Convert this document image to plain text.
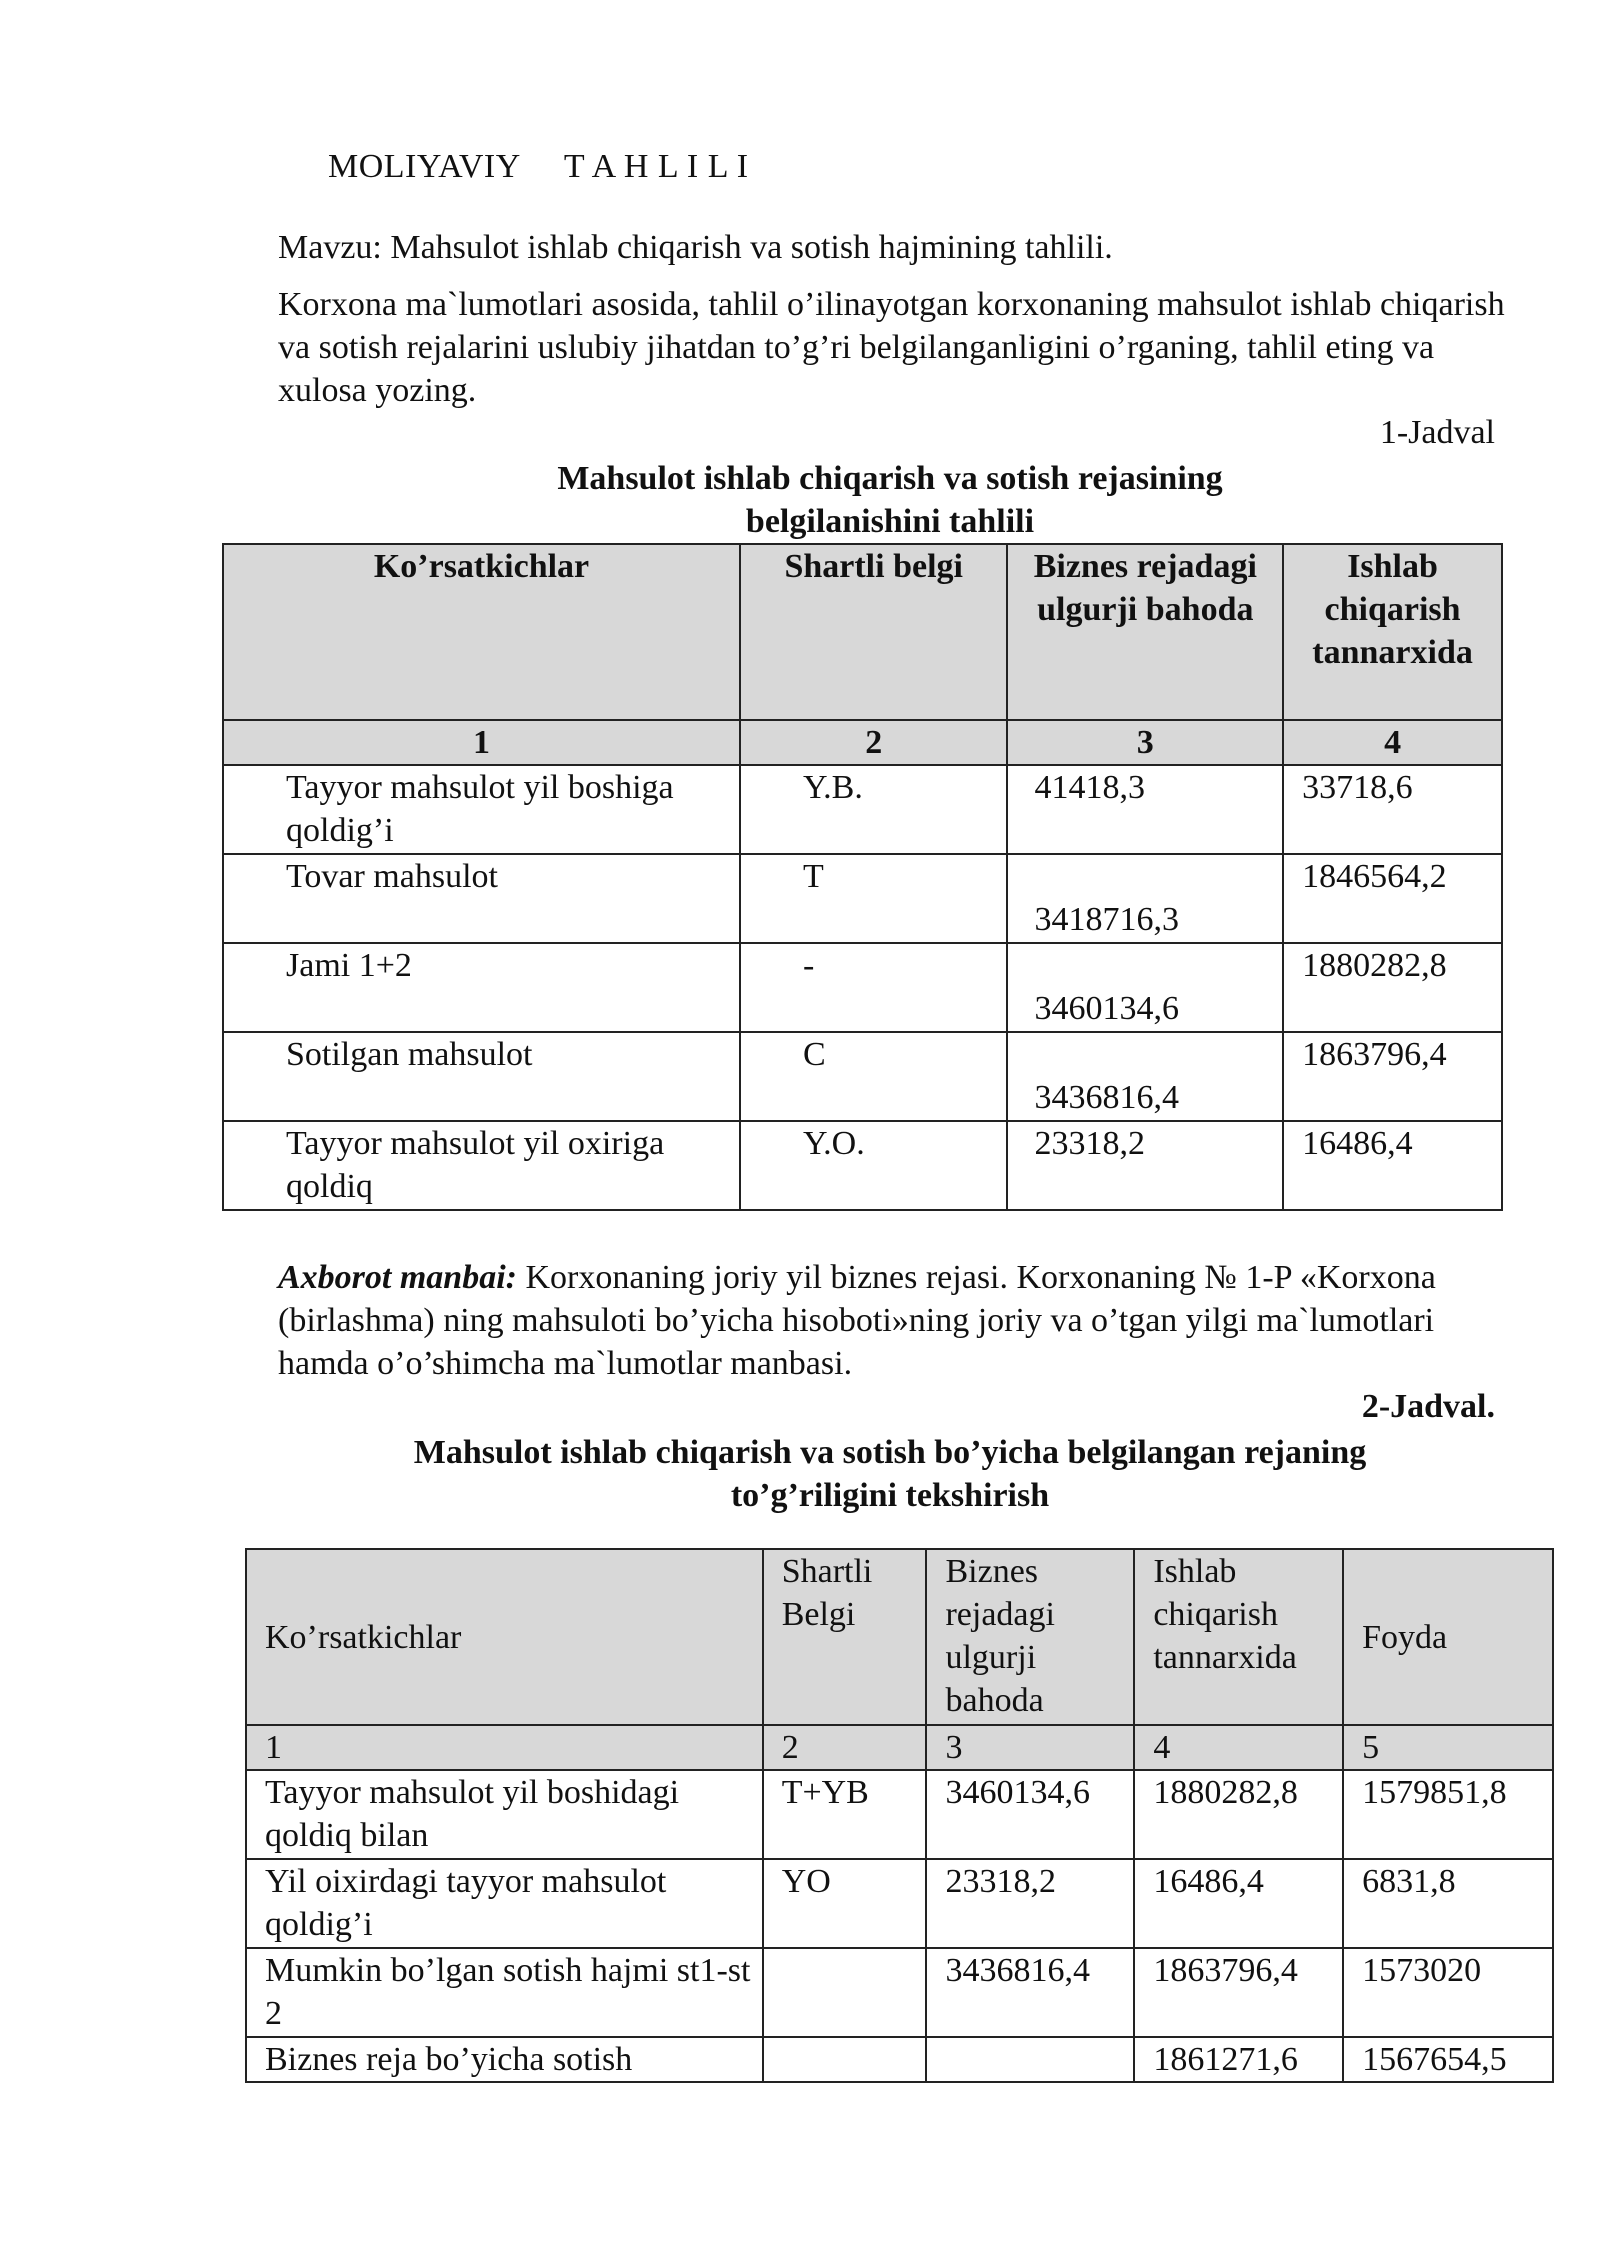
MOLIYAVIY     T A H L I L I
Mavzu: Mahsulot ishlab chiqarish va sotish hajmining tahlili.
Korxona ma`lumotlari asosida, tahlil o’ilinayotgan korxonaning mahsulot ishlab chiqarish va sotish rejalarini uslubiy jihatdan to’g’ri belgilanganligini o’rganing, tahlil eting va xulosa yozing.
1-Jadval
Mahsulot ishlab chiqarish va sotish rejasining
belgilanishini tahlili
Ko’rsatkichlar	Shartli belgi	Biznes rejadagi ulgurji bahoda	Ishlab chiqarish tannarxida
1	2	3	4
Tayyor mahsulot yil boshiga qoldig’i	Y.B.	41418,3	33718,6
Tovar mahsulot	T	3418716,3	1846564,2
Jami 1+2	-	3460134,6	1880282,8
Sotilgan mahsulot	C	3436816,4	1863796,4
Tayyor mahsulot yil oxiriga qoldiq	Y.O.	23318,2	16486,4
Axborot manbai: Korxonaning joriy yil biznes rejasi. Korxonaning № 1-P «Korxona (birlashma) ning mahsuloti bo’yicha hisoboti»ning joriy va o’tgan yilgi ma`lumotlari hamda o’o’shimcha ma`lumotlar manbasi.
2-Jadval.
Mahsulot ishlab chiqarish va sotish bo’yicha belgilangan rejaning
to’g’riligini tekshirish
Ko’rsatkichlar	Shartli Belgi	Biznes rejadagi ulgurji bahoda	Ishlab chiqarish tannarxida	Foyda
1	2	3	4	5
Tayyor mahsulot yil boshidagi qoldiq bilan	T+YB	3460134,6	1880282,8	1579851,8
Yil oixirdagi tayyor mahsulot qoldig’i	YO	23318,2	16486,4	6831,8
Mumkin bo’lgan sotish hajmi st1-st 2		3436816,4	1863796,4	1573020
Biznes reja bo’yicha sotish			1861271,6	1567654,5
